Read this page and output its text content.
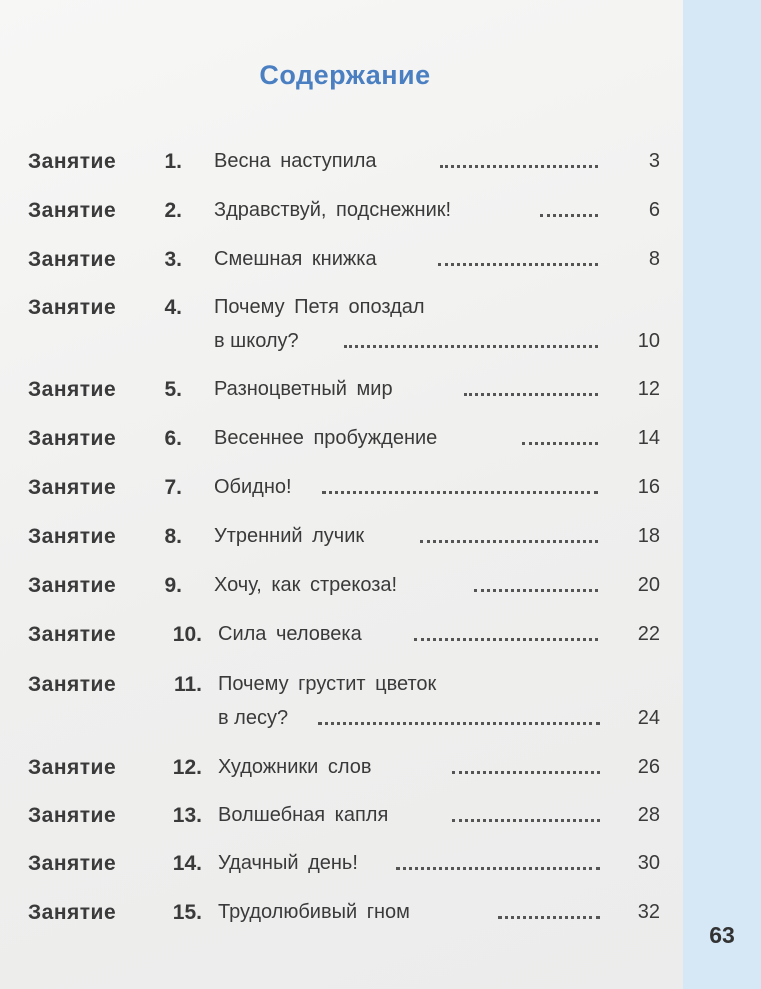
Содержание
Занятие	1. Весна наступила	3
Занятие	2. Здравствуй, подснежник!	6
Занятие	3. Смешная книжка	8
Занятие	4. Почему Петя опоздал
в школу?	10
Занятие	5. Разноцветный мир	12
Занятие	6. Весеннее пробуждение	14
Занятие	7. Обидно!	16
Занятие	8. Утренний лучик	18
Занятие	9. Хочу, как стрекоза!	20
Занятие	10. Сила человека	22
Занятие	11. Почему грустит цветок
в лесу?	24
Занятие	12. Художники слов	26
Занятие	13. Волшебная капля	28
Занятие	14. Удачный день!	30
Занятие	15. Трудолюбивый гном	32
63
